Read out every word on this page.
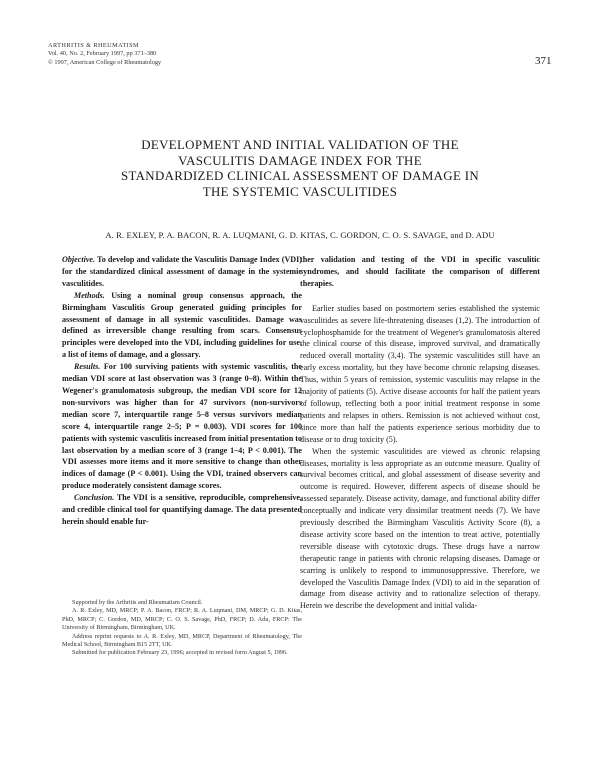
ARTHRITIS & RHEUMATISM
Vol. 40, No. 2, February 1997, pp 371–380
© 1997, American College of Rheumatology	371
DEVELOPMENT AND INITIAL VALIDATION OF THE
VASCULITIS DAMAGE INDEX FOR THE
STANDARDIZED CLINICAL ASSESSMENT OF DAMAGE IN
THE SYSTEMIC VASCULITIDES
A. R. EXLEY, P. A. BACON, R. A. LUQMANI, G. D. KITAS, C. GORDON, C. O. S. SAVAGE, and D. ADU

Objective. To develop and validate the Vasculitis Damage Index (VDI) for the standardized clinical assessment of damage in the systemic vasculitides.

Methods. Using a nominal group consensus approach, the Birmingham Vasculitis Group generated guiding principles for assessment of damage in all systemic vasculitides. Damage was defined as irreversible change resulting from scars. Consensus principles were developed into the VDI, including guidelines for use, a list of items of damage, and a glossary.

Results. For 100 surviving patients with systemic vasculitis, the median VDI score at last observation was 3 (range 0–8). Within the Wegener's granulomatosis subgroup, the median VDI score for 12 non-survivors was higher than for 47 survivors (non-survivors median score 7, interquartile range 5–8 versus survivors median score 4, interquartile range 2–5; P = 0.003). VDI scores for 100 patients with systemic vasculitis increased from initial presentation to last observation by a median score of 3 (range 1–4; P < 0.001). The VDI assesses more items and it more sensitive to change than other indices of damage (P < 0.001). Using the VDI, trained observers can produce moderately consistent damage scores.

Conclusion. The VDI is a sensitive, reproducible, comprehensive, and credible clinical tool for quantifying damage. The data presented herein should enable fur-

Supported by the Arthritis and Rheumatism Council.

A. R. Exley, MD, MRCP; P. A. Bacon, FRCP; R. A. Luqmani, DM, MRCP; G. D. Kitas, PhD, MRCP; C. Gordon, MD, MRCP; C. O. S. Savage, PhD, FRCP; D. Adu, FRCP: The University of Birmingham, Birmingham, UK.

Address reprint requests to A. R. Exley, MD, MRCP, Department of Rheumatology, The Medical School, Birmingham B15 2TT, UK.

Submitted for publication February 23, 1996; accepted in revised form August 5, 1996.

ther validation and testing of the VDI in specific vasculitic syndromes, and should facilitate the comparison of different therapies.

Earlier studies based on postmortem series established the systemic vasculitides as severe life-threatening diseases (1,2). The introduction of cyclophosphamide for the treatment of Wegener's granulomatosis altered the clinical course of this disease, improved survival, and dramatically reduced overall mortality (3,4). The systemic vasculitides still have an early excess mortality, but they have become chronic relapsing diseases. Thus, within 5 years of remission, systemic vasculitis may relapse in the majority of patients (5). Active disease accounts for half the patient years of followup, reflecting both a poor initial treatment response in some patients and relapses in others. Remission is not achieved without cost, since more than half the patients experience serious morbidity due to disease or to drug toxicity (5).

When the systemic vasculitides are viewed as chronic relapsing diseases, mortality is less appropriate as an outcome measure. Quality of survival becomes critical, and global assessment of disease severity and outcome is required. However, different aspects of disease should be assessed separately. Disease activity, damage, and functional ability differ conceptually and indicate very dissimilar treatment needs (7). We have previously described the Birmingham Vasculitis Activity Score (8), a disease activity score based on the intention to treat active, potentially reversible disease with cytotoxic drugs. These drugs have a narrow therapeutic range in patients with chronic relapsing diseases. Damage or scarring is unlikely to respond to immunosuppressive. Therefore, we developed the Vasculitis Damage Index (VDI) to aid in the separation of damage from disease activity and to rationalize selection of therapy. Herein we describe the development and initial valida-
